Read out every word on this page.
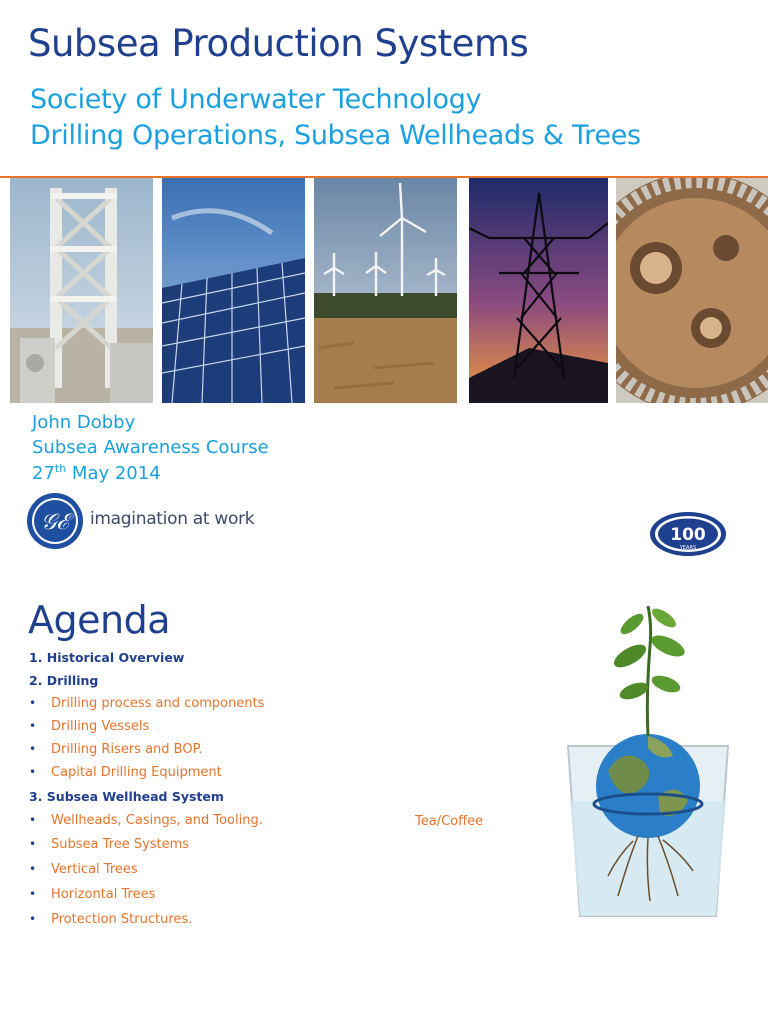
Subsea Production Systems
Society of Underwater Technology
Drilling Operations, Subsea Wellheads & Trees
John Dobby
Subsea Awareness Course
27th May 2014
𝒢ℰ	imagination at work
100
YEARS
Agenda
1. Historical Overview
2. Drilling
• Drilling process and components
• Drilling Vessels
• Drilling Risers and BOP.
• Capital Drilling Equipment
3. Subsea Wellhead System
• Wellheads, Casings, and Tooling.
• Subsea Tree Systems
• Vertical Trees
• Horizontal Trees
• Protection Structures.
Tea/Coffee
